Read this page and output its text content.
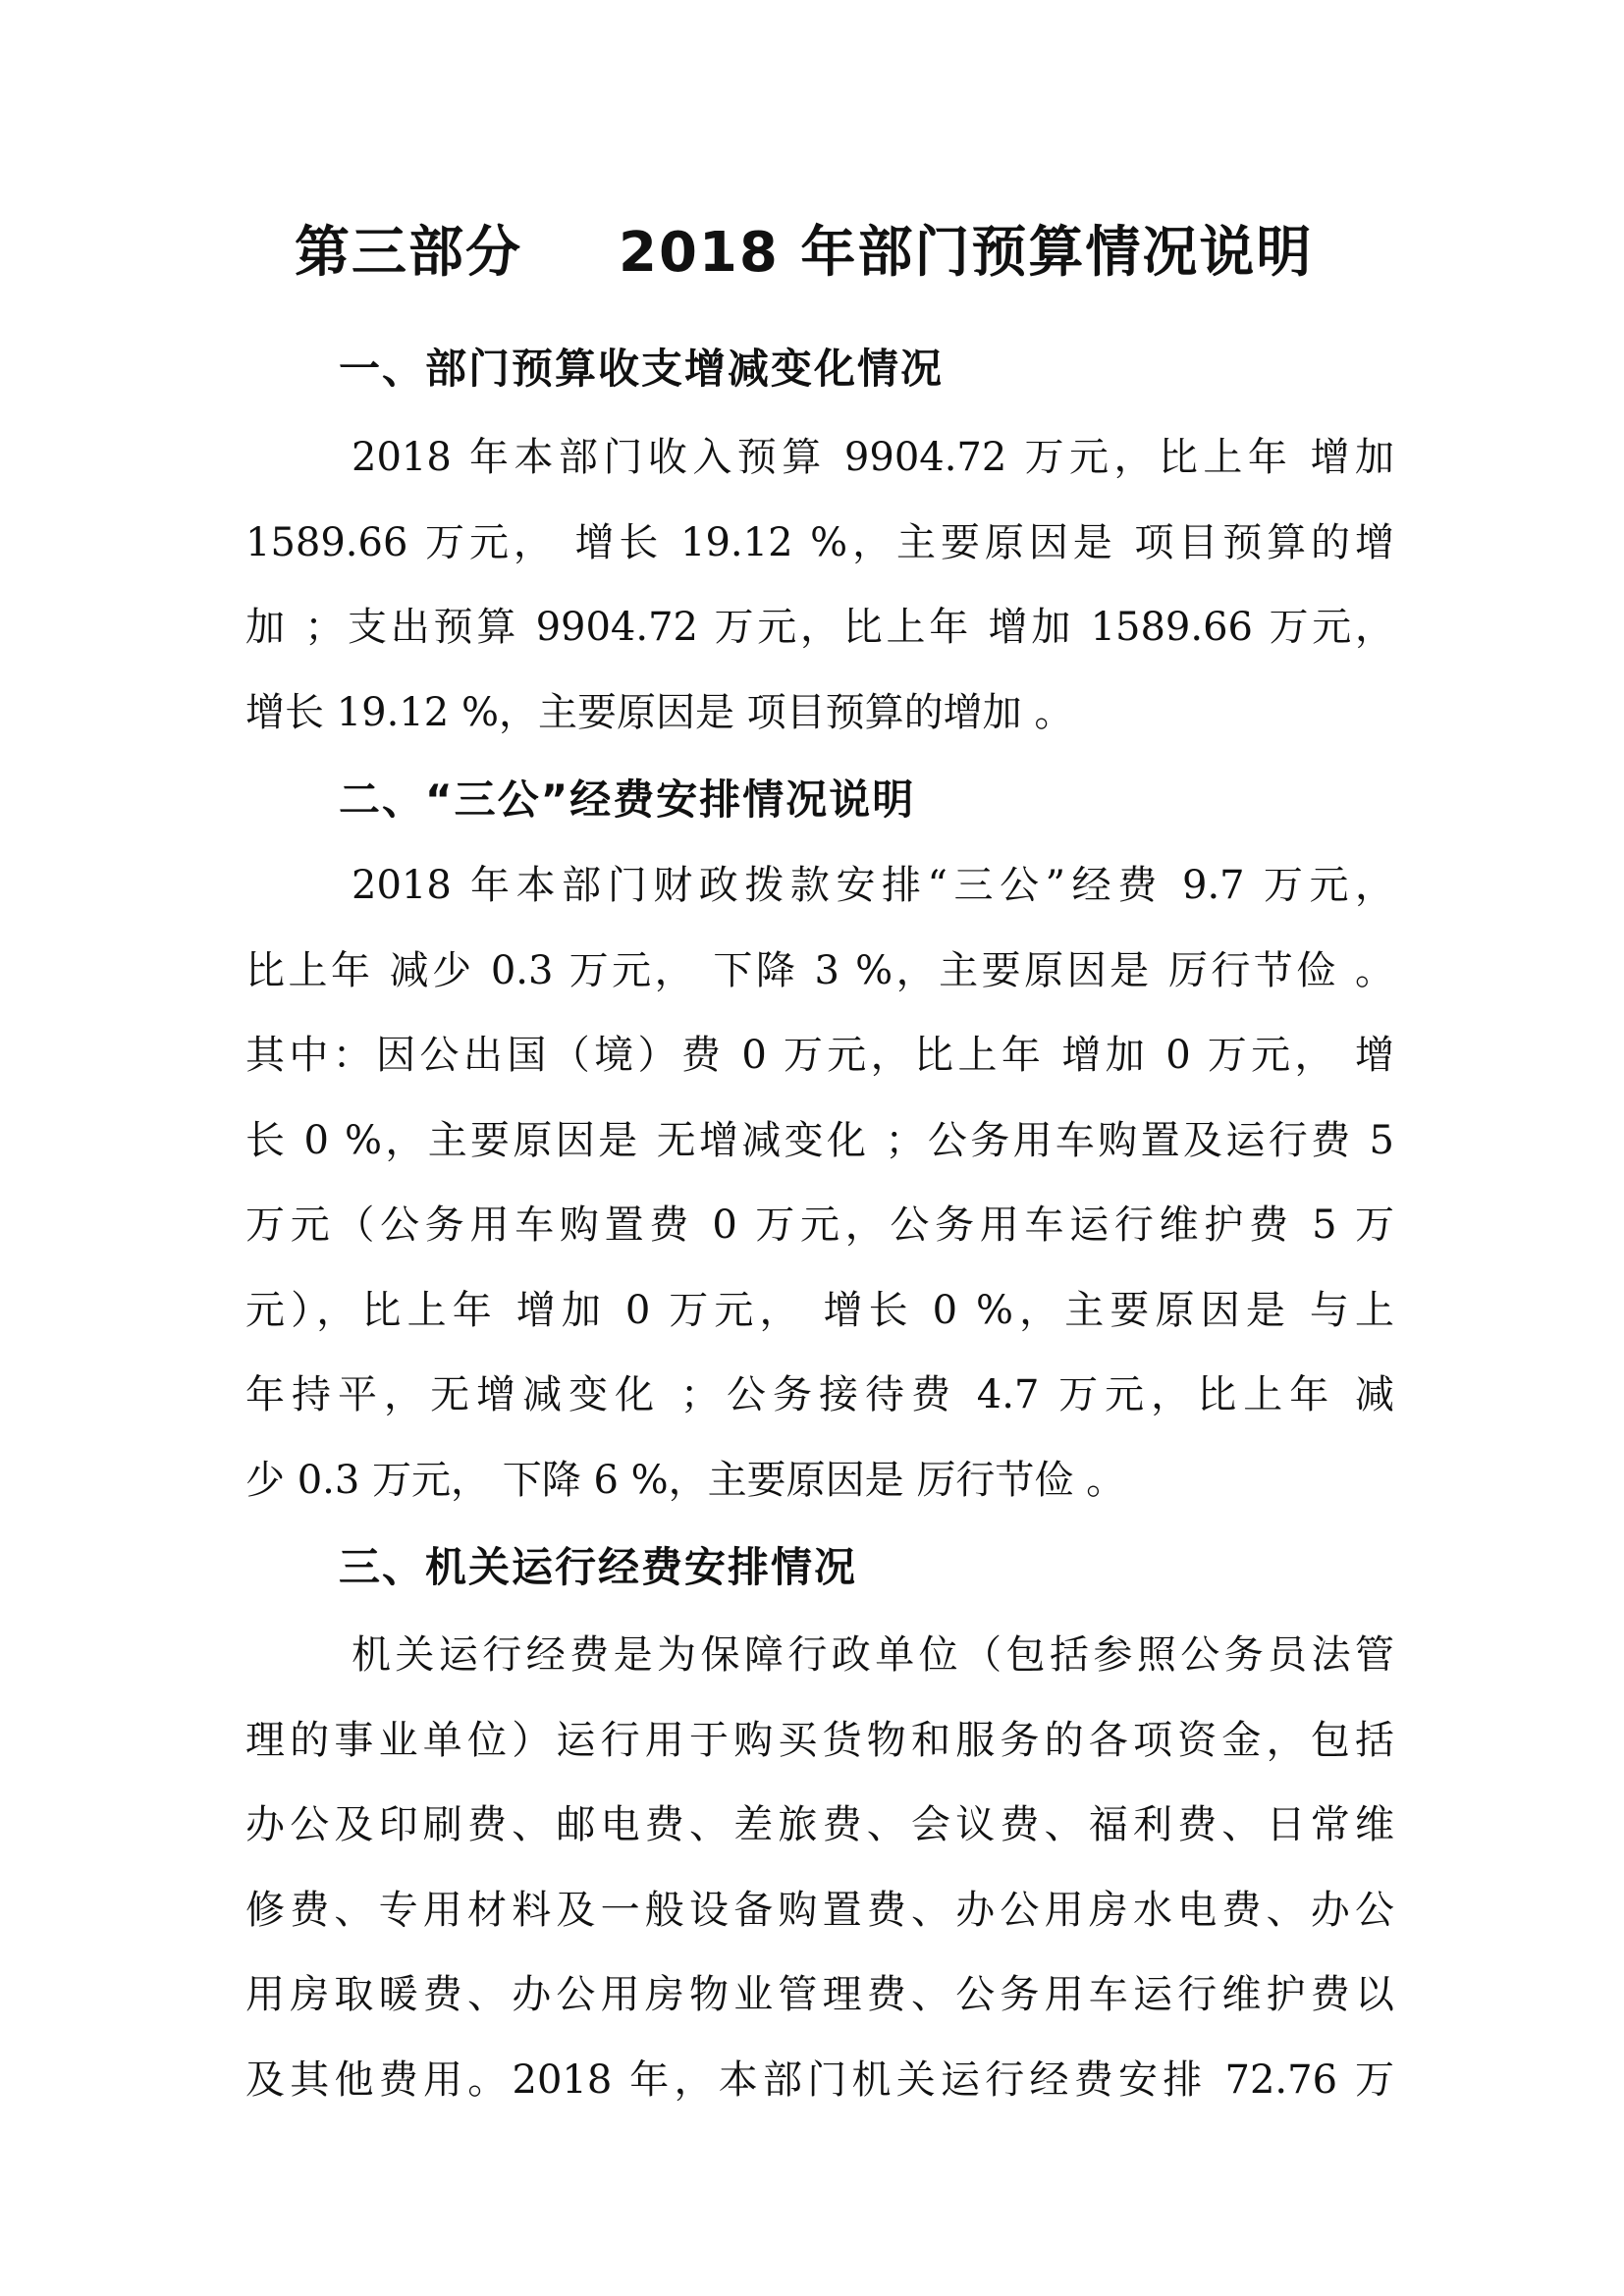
第三部分 2018 年部门预算情况说明
一、部门预算收支增减变化情况
2018 年本部门收入预算 9904.72 万元，比上年 增加
1589.66 万元， 增长 19.12 %，主要原因是 项目预算的增
加 ；支出预算 9904.72 万元，比上年 增加 1589.66 万元，
增长 19.12 %，主要原因是 项目预算的增加 。
二、“三公”经费安排情况说明
2018 年本部门财政拨款安排“三公”经费 9.7 万元，
比上年 减少 0.3 万元， 下降 3 %，主要原因是 厉行节俭 。
其中：因公出国（境）费 0 万元，比上年 增加 0 万元， 增
长 0 %，主要原因是 无增减变化 ；公务用车购置及运行费 5
万元（公务用车购置费 0 万元，公务用车运行维护费 5 万
元），比上年 增加 0 万元， 增长 0 %，主要原因是 与上
年持平，无增减变化 ；公务接待费 4.7 万元，比上年 减
少 0.3 万元， 下降 6 %，主要原因是 厉行节俭 。
三、机关运行经费安排情况
机关运行经费是为保障行政单位（包括参照公务员法管
理的事业单位）运行用于购买货物和服务的各项资金，包括
办公及印刷费、邮电费、差旅费、会议费、福利费、日常维
修费、专用材料及一般设备购置费、办公用房水电费、办公
用房取暖费、办公用房物业管理费、公务用车运行维护费以
及其他费用。2018 年，本部门机关运行经费安排 72.76 万
